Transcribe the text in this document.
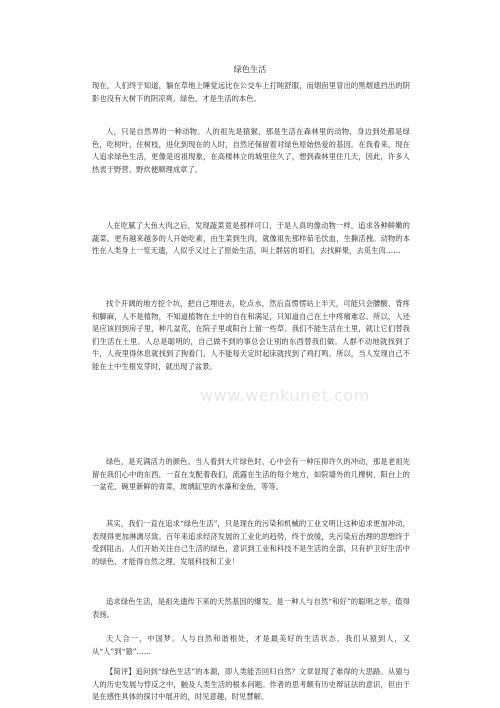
绿色生活

现在，人们终于知道，躺在草地上睡觉远比在公交车上打盹舒服，而烟囱里冒出的黑烟遮挡出的阴影也没有大树下的阴凉爽。绿色，才是生活的本色。

人，只是自然界的一种动物。人的祖先是猿猴，那是生活在森林里的动物，身边到处都是绿色，吃树叶，住树枝，进化到现在的人时，自然还保留着对绿色原始热爱的基因。在我看来，现在人追求绿色生活，更像是返祖现象，在高楼林立的城里住久了，想到森林里住几天，因此，许多人热衷于野营、野炊便顺理成章了。

人在吃腻了大鱼大肉之后，发现蔬菜竟是那样可口，于是人真的像动物一样，追求各种鲜嫩的蔬菜。更有越来越多的人开始吃素，由生菜到生肉，就像祖先那样茹毛饮血，生撕活拽。动物的本性在人类身上一览无遗，人似乎又过上了原始生活，叫上群居的哥们，去找鲜果，去觅生肉……

找个开阔的地方挖个坑，把自己埋进去，吃点水，然后直愣愣站上半天，可能只会腰酸、背疼和脚麻，人不是植物，不知道植物在土中的自在和满足，只知道自己在土中疼痛难忍。所以，人还是应该回到房子里，种几盆花，在院子里或阳台上留一些草。我们不能生活在土里，就让它们替我们生活在土里。人总是聪明的，自己做不到的事总会让别的东西替我们做。人群不动地就找到了牛，人夜里得休息就找到了狗看门，人不能每天定时起床就找到了鸡打鸣。所以，当人发现自己不能在土中生根发芽时，就出现了盆景。

绿色，是充满活力的颜色。当人看到大片绿色时，心中会有一种压抑许久的冲动，那是老祖先留在我们心中的东西，一直在支配着我们，流露在生活的每个地方，如院墙外的几棵树，阳台上的一盆花，碗里新鲜的青菜，玻璃缸里的水藻和金鱼，等等。

其实，我们一直在追求“绿色生活”，只是现在的污染和机械的工业文明让这种追求更加冲动，表现得更加淋漓尽致。百年来追求经济发展的工业化的趋势，终于放缓，先污染后治理的思想终于受到阻击。人们开始关注自己生活的绿色，意识到工业和科技不是生活的全部，只有护卫好生活中的绿色，才能得自然之理，发展科技和工业！

追求绿色生活，是祖先遗传下来的天然基因的爆发，是一种人与自然“和好”的聪明之举，值得表扬。

天人合一，中国梦。人与自然和谐相处，才是最美好的生活状态，我们从猿到人，又从“人”到“猿”……

【简评】追问到“绿色生活”的本源，即人类能否回归自然？文章显现了难得的大思路。从猿与人的历史发展与悖反之中，触及人类生活的根本问题。作者的思考颇有历史辩证法的意识，但由于是在感性具体的探讨中展开的，时见意趣，时见慧解。

www.wenkunet.com
